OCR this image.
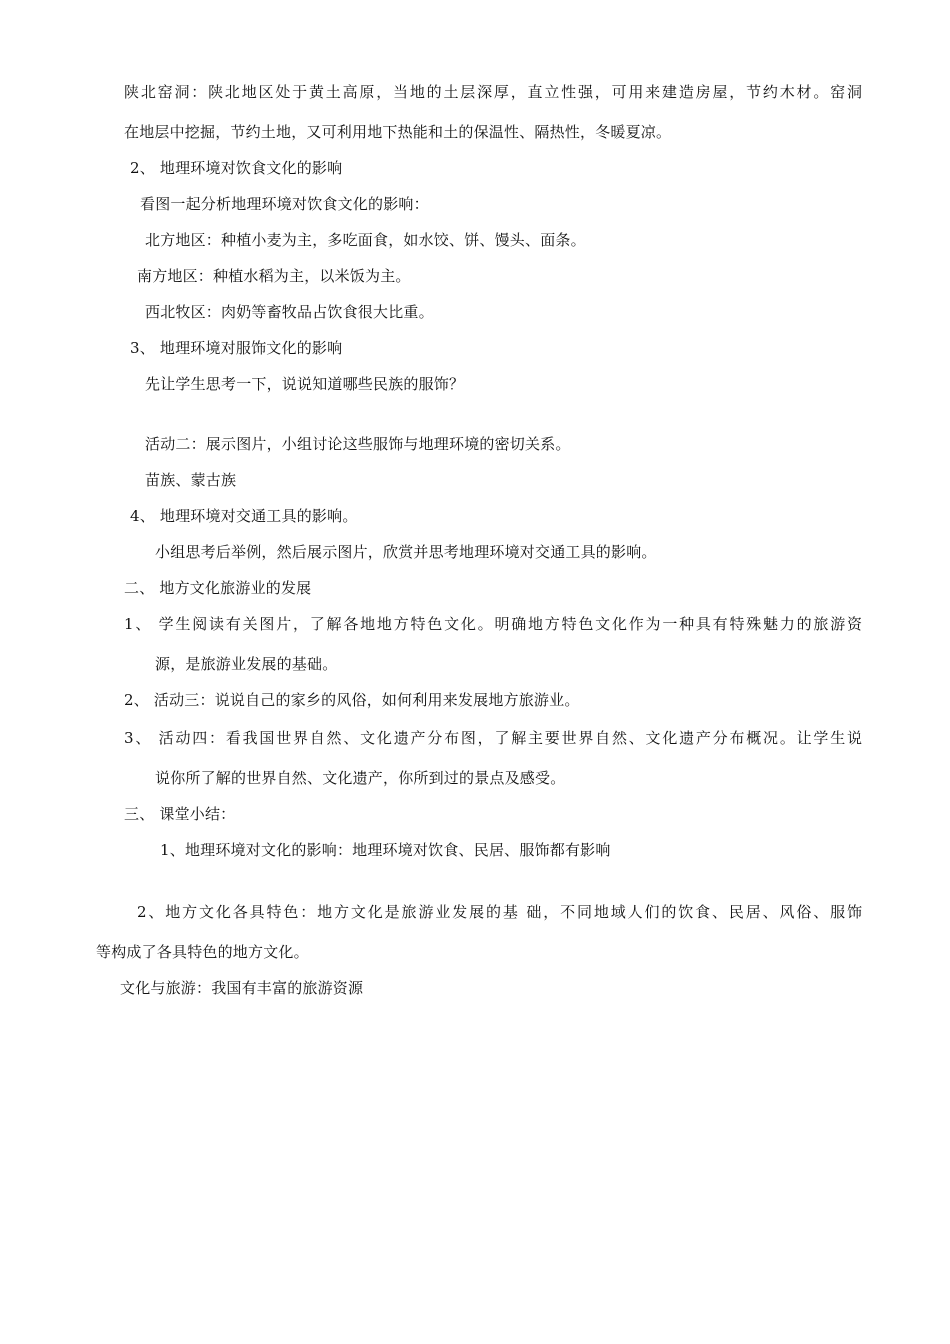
陕北窑洞：陕北地区处于黄土高原，当地的土层深厚，直立性强，可用来建造房屋，节约木材。窑洞
在地层中挖掘，节约土地，又可利用地下热能和土的保温性、隔热性，冬暖夏凉。
2、 地理环境对饮食文化的影响
看图一起分析地理环境对饮食文化的影响：
北方地区：种植小麦为主，多吃面食，如水饺、饼、馒头、面条。
南方地区：种植水稻为主，以米饭为主。
西北牧区：肉奶等畜牧品占饮食很大比重。
3、 地理环境对服饰文化的影响
先让学生思考一下，说说知道哪些民族的服饰？
活动二：展示图片，小组讨论这些服饰与地理环境的密切关系。
苗族、蒙古族
4、 地理环境对交通工具的影响。
小组思考后举例，然后展示图片，欣赏并思考地理环境对交通工具的影响。
二、 地方文化旅游业的发展
1、 学生阅读有关图片，了解各地地方特色文化。明确地方特色文化作为一种具有特殊魅力的旅游资
源，是旅游业发展的基础。
2、 活动三：说说自己的家乡的风俗，如何利用来发展地方旅游业。
3、 活动四：看我国世界自然、文化遗产分布图，了解主要世界自然、文化遗产分布概况。让学生说
说你所了解的世界自然、文化遗产，你所到过的景点及感受。
三、 课堂小结：
1、地理环境对文化的影响：地理环境对饮食、民居、服饰都有影响
2、地方文化各具特色：地方文化是旅游业发展的基 础，不同地域人们的饮食、民居、风俗、服饰
等构成了各具特色的地方文化。
文化与旅游：我国有丰富的旅游资源
